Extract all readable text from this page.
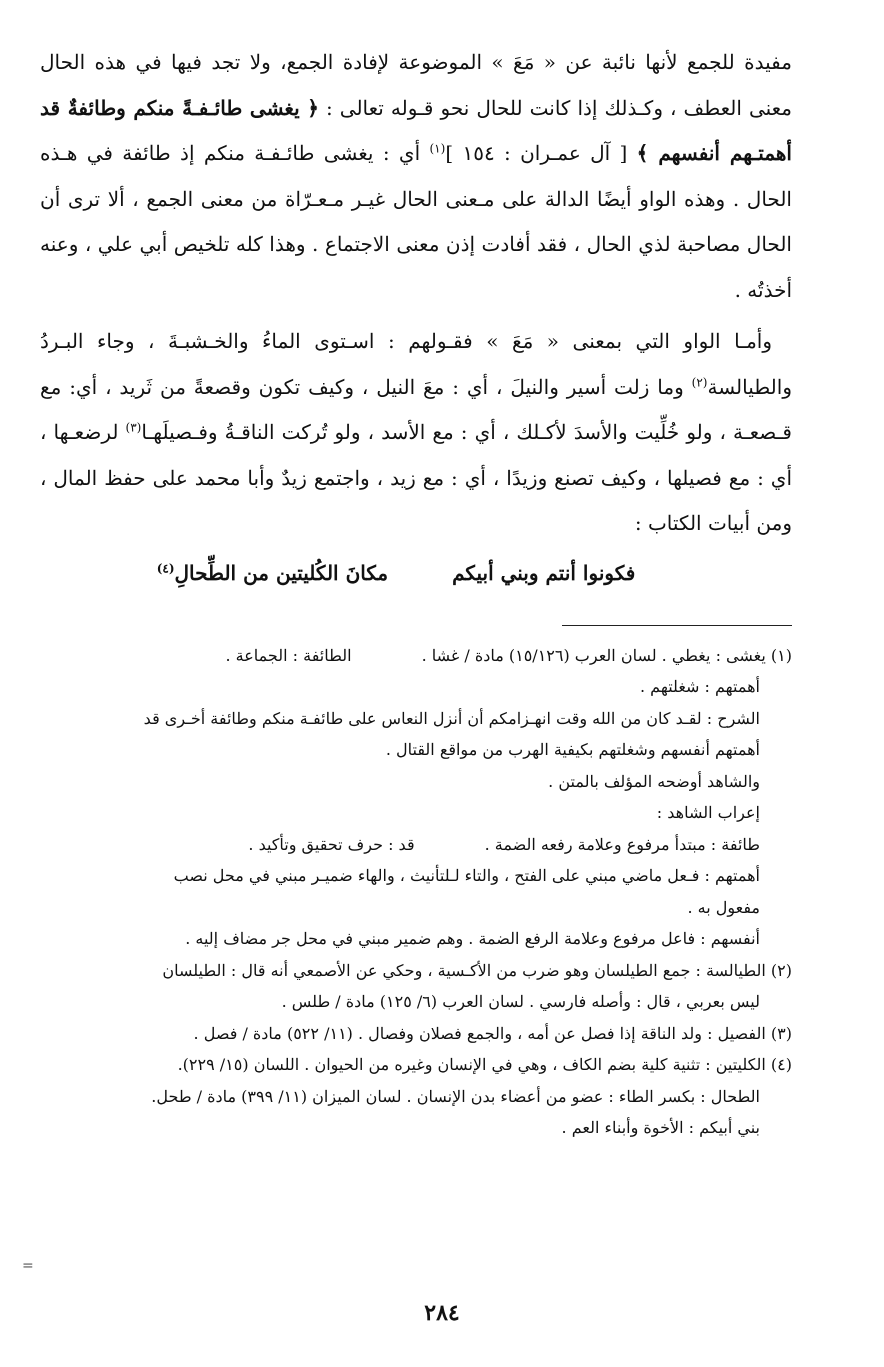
مفيدة للجمع لأنها نائبة عن « مَعَ » الموضوعة لإفادة الجمع، ولا تجد فيها في هذه الحال معنى العطف ، وكـذلك إذا كانت للحال نحو قـوله تعالى : ﴿ يغشى طائـفـةً منكم وطائفةٌ قد أهمتـهم أنفسهم ﴾ [ آل عمـران : ١٥٤ ]$^{(١)}$ أي : يغشى طائـفـة منكم إذ طائفة في هـذه الحال . وهذه الواو أيضًا الدالة على مـعنى الحال غيـر مـعـرّاة من معنى الجمع ، ألا ترى أن الحال مصاحبة لذي الحال ، فقد أفادت إذن معنى الاجتماع . وهذا كله تلخيص أبي علي ، وعنه أخذتُه .

 وأمـا الواو التي بمعنى « مَعَ » فقـولهم : اسـتوى الماءُ والخـشبـةَ ، وجاء البـردُ والطيالسة$^{(٢)}$ وما زلت أسير والنيلَ ، أي : معَ النيل ، وكيف تكون وقصعةً من ثَريد ، أي: مع قـصعـة ، ولو خُلِّيت والأسدَ لأكـلك ، أي : مع الأسد ، ولو تُركت الناقـةُ وفـصيلَهـا$^{(٣)}$ لرضعـها ، أي : مع فصيلها ، وكيف تصنع وزيدًا ، أي : مع زيد ، واجتمع زيدٌ وأبا محمد على حفظ المال ، ومن أبيات الكتاب :

فكونوا أنتم وبني أبيكم
مكانَ الكُليتين من الطِّحالِ$^{(٤)}$
(١) يغشى : يغطي . لسان العرب (١٥/١٢٦) مادة / غشا .الطائفة : الجماعة .
أهمتهم : شغلتهم .
الشرح : لقـد كان من الله وقت انهـزامكم أن أنزل النعاس على طائفـة منكم وطائفة أخـرى قد
أهمتهم أنفسهم وشغلتهم بكيفية الهرب من مواقع القتال .
والشاهد أوضحه المؤلف بالمتن .
إعراب الشاهد :
طائفة : مبتدأ مرفوع وعلامة رفعه الضمة .قد : حرف تحقيق وتأكيد .
أهمتهم : فـعل ماضي مبني على الفتح ، والتاء لـلتأنيث ، والهاء ضميـر مبني في محل نصب
مفعول به .
أنفسهم : فاعل مرفوع وعلامة الرفع الضمة . وهم ضمير مبني في محل جر مضاف إليه .
(٢) الطيالسة : جمع الطيلسان وهو ضرب من الأكـسية ، وحكي عن الأصمعي أنه قال : الطيلسان
ليس بعربي ، قال : وأصله فارسي . لسان العرب (٦/ ١٢٥) مادة / طلس .
(٣) الفصيل : ولد الناقة إذا فصل عن أمه ، والجمع فصلان وفصال . (١١/ ٥٢٢) مادة / فصل .
(٤) الكليتين : تثنية كلية بضم الكاف ، وهي في الإنسان وغيره من الحيوان . اللسان (١٥/ ٢٢٩).
الطحال : بكسر الطاء : عضو من أعضاء بدن الإنسان . لسان الميزان (١١/ ٣٩٩) مادة / طحل.
بني أبيكم : الأخوة وأبناء العم .
=
٢٨٤
